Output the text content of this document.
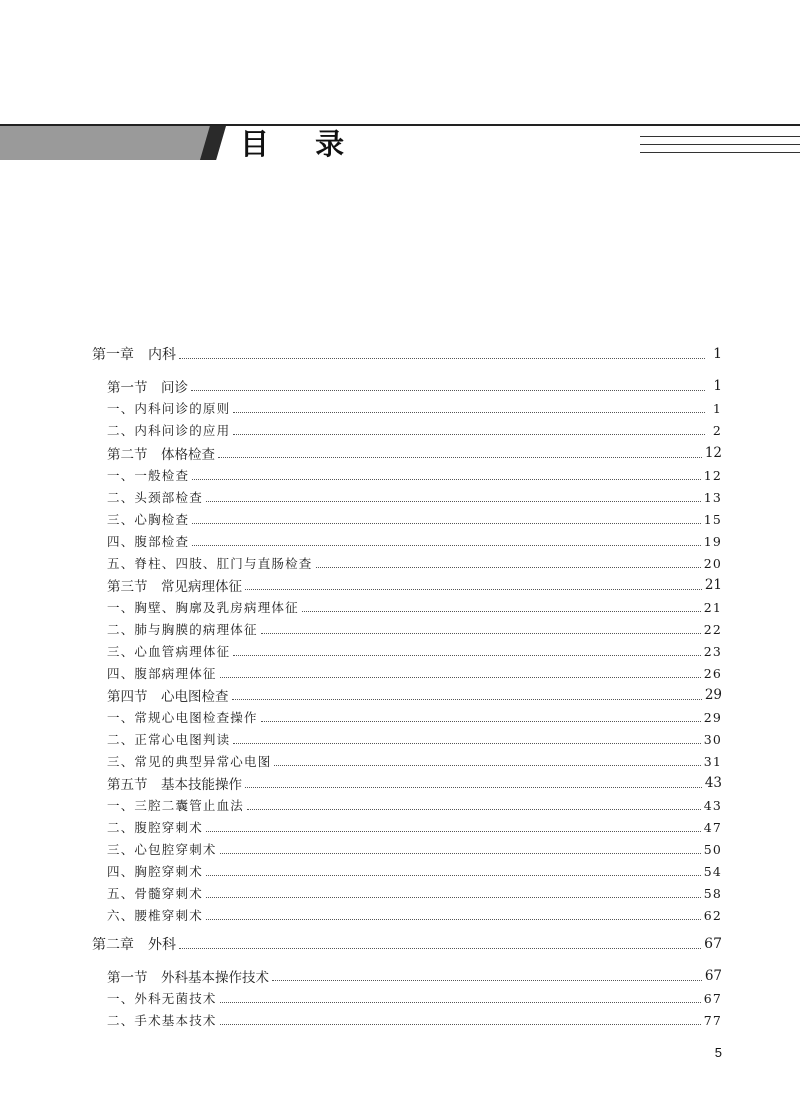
目 录
第一章　内科	1
第一节　问诊	1
一、内科问诊的原则	1
二、内科问诊的应用	2
第二节　体格检查	12
一、一般检查	12
二、头颈部检查	13
三、心胸检查	15
四、腹部检查	19
五、脊柱、四肢、肛门与直肠检查	20
第三节　常见病理体征	21
一、胸壁、胸廓及乳房病理体征	21
二、肺与胸膜的病理体征	22
三、心血管病理体征	23
四、腹部病理体征	26
第四节　心电图检查	29
一、常规心电图检查操作	29
二、正常心电图判读	30
三、常见的典型异常心电图	31
第五节　基本技能操作	43
一、三腔二囊管止血法	43
二、腹腔穿刺术	47
三、心包腔穿刺术	50
四、胸腔穿刺术	54
五、骨髓穿刺术	58
六、腰椎穿刺术	62
第二章　外科	67
第一节　外科基本操作技术	67
一、外科无菌技术	67
二、手术基本技术	77
5
